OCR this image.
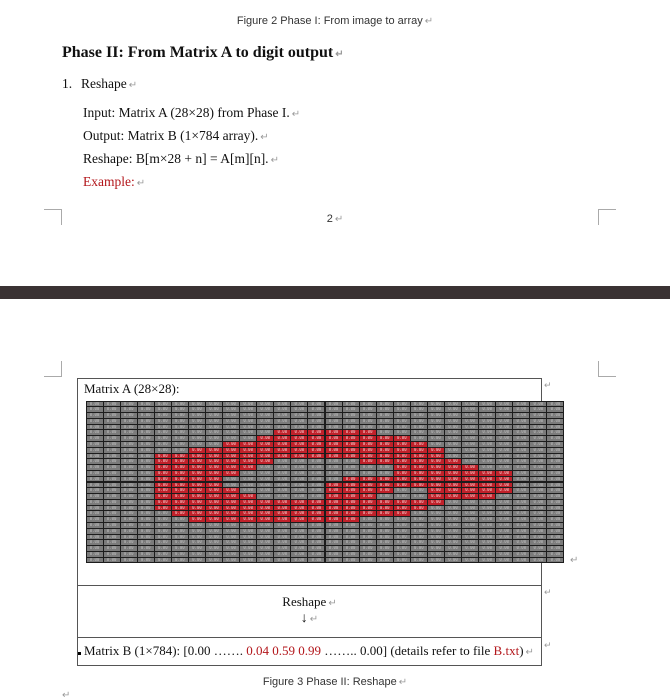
Figure 2 Phase I: From image to array ↵
Phase II: From Matrix A to digit output ↵
1. Reshape ↵
Input: Matrix A (28×28) from Phase I. ↵
Output: Matrix B (1×784 array). ↵
Reshape: B[m×28 + n] = A[m][n]. ↵
Example: ↵
2 ↵
Matrix A (28×28):
0.00	0.00	0.00	0.00	0.00	0.00	0.00	0.00	0.00	0.00	0.00	0.00	0.00	0.00	0.00	0.00	0.00	0.00	0.00	0.00	0.00	0.00	0.00	0.00	0.00	0.00	0.00	0.00
0.00	0.00	0.00	0.00	0.00	0.00	0.00	0.00	0.00	0.00	0.00	0.00	0.00	0.00	0.00	0.00	0.00	0.00	0.00	0.00	0.00	0.00	0.00	0.00	0.00	0.00	0.00	0.00
0.00	0.00	0.00	0.00	0.00	0.00	0.00	0.00	0.00	0.00	0.00	0.00	0.00	0.00	0.00	0.00	0.00	0.00	0.00	0.00	0.00	0.00	0.00	0.00	0.00	0.00	0.00	0.00
0.00	0.00	0.00	0.00	0.00	0.00	0.00	0.00	0.00	0.00	0.00	0.00	0.00	0.00	0.00	0.00	0.00	0.00	0.00	0.00	0.00	0.00	0.00	0.00	0.00	0.00	0.00	0.00
0.00	0.00	0.00	0.00	0.00	0.00	0.00	0.00	0.00	0.00	0.00	0.00	0.00	0.00	0.00	0.00	0.00	0.00	0.00	0.00	0.00	0.00	0.00	0.00	0.00	0.00	0.00	0.00
0.00	0.00	0.00	0.00	0.00	0.00	0.00	0.00	0.00	0.00	0.00	0.00	0.00	0.00	0.00	0.00	0.00	0.00	0.00	0.00	0.00	0.00	0.00	0.00	0.00	0.00	0.00	0.00
0.00	0.00	0.00	0.00	0.00	0.00	0.00	0.00	0.00	0.00	0.00	0.00	0.00	0.00	0.00	0.00	0.00	0.00	0.00	0.00	0.00	0.00	0.00	0.00	0.00	0.00	0.00	0.00
0.00	0.00	0.00	0.00	0.00	0.00	0.00	0.00	0.00	0.00	0.00	0.00	0.00	0.00	0.00	0.00	0.00	0.00	0.00	0.00	0.00	0.00	0.00	0.00	0.00	0.00	0.00	0.00
0.00	0.00	0.00	0.00	0.00	0.00	0.00	0.00	0.00	0.00	0.00	0.00	0.00	0.00	0.00	0.00	0.00	0.00	0.00	0.00	0.00	0.00	0.00	0.00	0.00	0.00	0.00	0.00
0.00	0.00	0.00	0.00	0.00	0.00	0.00	0.00	0.00	0.00	0.00	0.00	0.00	0.00	0.00	0.00	0.00	0.00	0.00	0.00	0.00	0.00	0.00	0.00	0.00	0.00	0.00	0.00
0.00	0.00	0.00	0.00	0.00	0.00	0.00	0.00	0.00	0.00	0.00	0.00	0.00	0.00	0.00	0.00	0.00	0.00	0.00	0.00	0.00	0.00	0.00	0.00	0.00	0.00	0.00	0.00
0.00	0.00	0.00	0.00	0.00	0.00	0.00	0.00	0.00	0.00	0.00	0.00	0.00	0.00	0.00	0.00	0.00	0.00	0.00	0.00	0.00	0.00	0.00	0.00	0.00	0.00	0.00	0.00
0.00	0.00	0.00	0.00	0.00	0.00	0.00	0.00	0.00	0.00	0.00	0.00	0.00	0.00	0.00	0.00	0.00	0.00	0.00	0.00	0.00	0.00	0.00	0.00	0.00	0.00	0.00	0.00
0.00	0.00	0.00	0.00	0.00	0.00	0.00	0.00	0.00	0.00	0.00	0.00	0.00	0.00	0.00	0.00	0.00	0.00	0.00	0.00	0.00	0.00	0.00	0.00	0.00	0.00	0.00	0.00
0.00	0.00	0.00	0.00	0.00	0.00	0.00	0.00	0.00	0.00	0.00	0.00	0.00	0.00	0.00	0.00	0.00	0.00	0.00	0.00	0.00	0.00	0.00	0.00	0.00	0.00	0.00	0.00
0.00	0.00	0.00	0.00	0.00	0.00	0.00	0.00	0.00	0.00	0.00	0.00	0.00	0.00	0.00	0.00	0.00	0.00	0.00	0.00	0.00	0.00	0.00	0.00	0.00	0.00	0.00	0.00
0.00	0.00	0.00	0.00	0.00	0.00	0.00	0.00	0.00	0.00	0.00	0.00	0.00	0.00	0.00	0.00	0.00	0.00	0.00	0.00	0.00	0.00	0.00	0.00	0.00	0.00	0.00	0.00
0.00	0.00	0.00	0.00	0.00	0.00	0.00	0.00	0.00	0.00	0.00	0.00	0.00	0.00	0.00	0.00	0.00	0.00	0.00	0.00	0.00	0.00	0.00	0.00	0.00	0.00	0.00	0.00
0.00	0.00	0.00	0.00	0.00	0.00	0.00	0.00	0.00	0.00	0.00	0.00	0.00	0.00	0.00	0.00	0.00	0.00	0.00	0.00	0.00	0.00	0.00	0.00	0.00	0.00	0.00	0.00
0.00	0.00	0.00	0.00	0.00	0.00	0.00	0.00	0.00	0.00	0.00	0.00	0.00	0.00	0.00	0.00	0.00	0.00	0.00	0.00	0.00	0.00	0.00	0.00	0.00	0.00	0.00	0.00
0.00	0.00	0.00	0.00	0.00	0.00	0.00	0.00	0.00	0.00	0.00	0.00	0.00	0.00	0.00	0.00	0.00	0.00	0.00	0.00	0.00	0.00	0.00	0.00	0.00	0.00	0.00	0.00
0.00	0.00	0.00	0.00	0.00	0.00	0.00	0.00	0.00	0.00	0.00	0.00	0.00	0.00	0.00	0.00	0.00	0.00	0.00	0.00	0.00	0.00	0.00	0.00	0.00	0.00	0.00	0.00
0.00	0.00	0.00	0.00	0.00	0.00	0.00	0.00	0.00	0.00	0.00	0.00	0.00	0.00	0.00	0.00	0.00	0.00	0.00	0.00	0.00	0.00	0.00	0.00	0.00	0.00	0.00	0.00
0.00	0.00	0.00	0.00	0.00	0.00	0.00	0.00	0.00	0.00	0.00	0.00	0.00	0.00	0.00	0.00	0.00	0.00	0.00	0.00	0.00	0.00	0.00	0.00	0.00	0.00	0.00	0.00
0.00	0.00	0.00	0.00	0.00	0.00	0.00	0.00	0.00	0.00	0.00	0.00	0.00	0.00	0.00	0.00	0.00	0.00	0.00	0.00	0.00	0.00	0.00	0.00	0.00	0.00	0.00	0.00
0.00	0.00	0.00	0.00	0.00	0.00	0.00	0.00	0.00	0.00	0.00	0.00	0.00	0.00	0.00	0.00	0.00	0.00	0.00	0.00	0.00	0.00	0.00	0.00	0.00	0.00	0.00	0.00
0.00	0.00	0.00	0.00	0.00	0.00	0.00	0.00	0.00	0.00	0.00	0.00	0.00	0.00	0.00	0.00	0.00	0.00	0.00	0.00	0.00	0.00	0.00	0.00	0.00	0.00	0.00	0.00
0.00	0.00	0.00	0.00	0.00	0.00	0.00	0.00	0.00	0.00	0.00	0.00	0.00	0.00	0.00	0.00	0.00	0.00	0.00	0.00	0.00	0.00	0.00	0.00	0.00	0.00	0.00	0.00 ↵
Reshape ↵
↓ ↵
Matrix B (1×784): [0.00 ……. 0.04 0.59 0.99 …….. 0.00] (details refer to file B.txt) ↵
↵
↵
↵
Figure 3 Phase II: Reshape ↵
↵
